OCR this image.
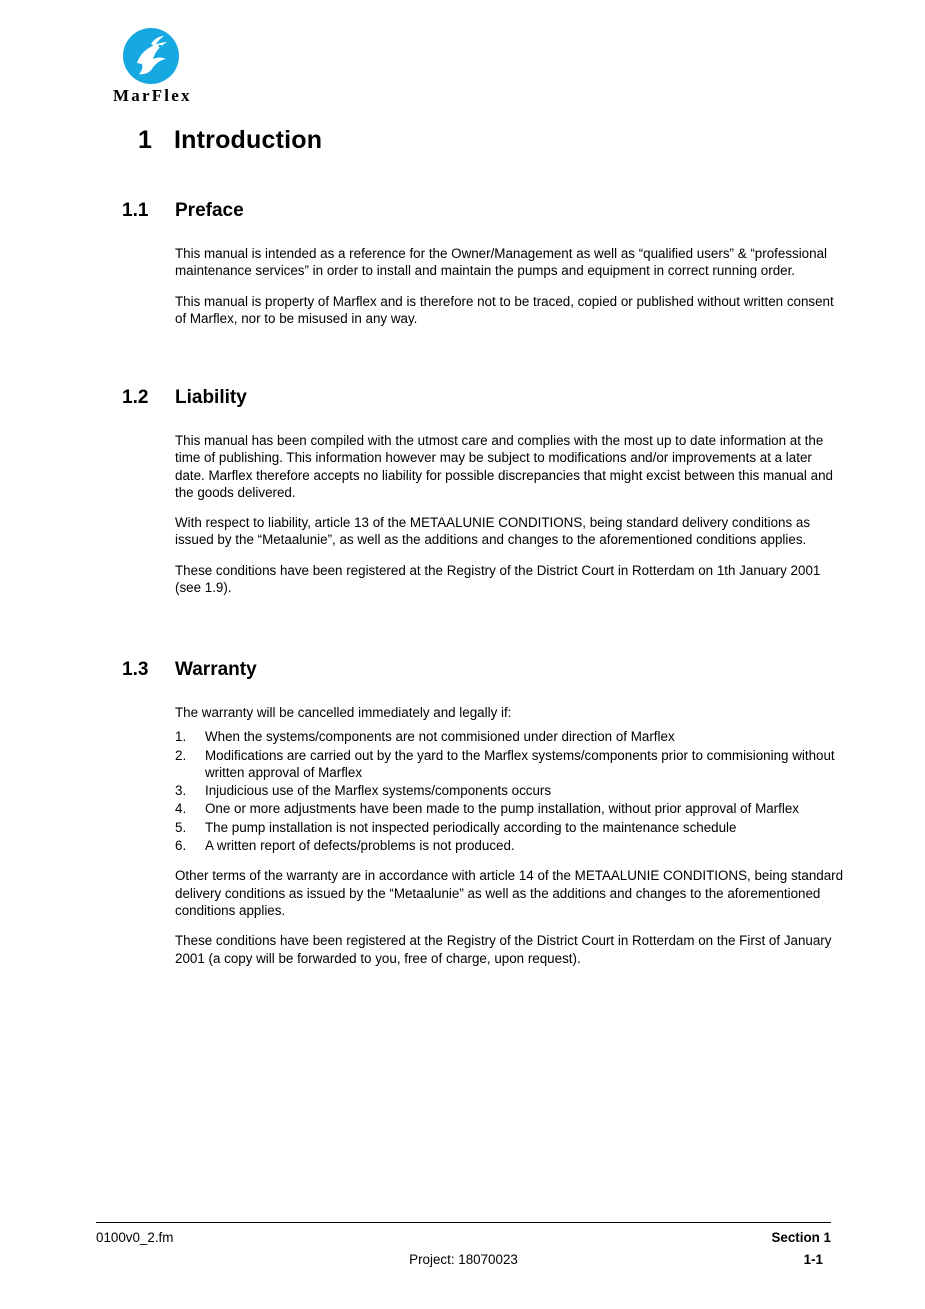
MarFlex
1 Introduction
1.1 Preface

This manual is intended as a reference for the Owner/Management as well as “qualified users” & “professional maintenance services” in order to install and maintain the pumps and equipment in correct running order.

This manual is property of Marflex and is therefore not to be traced, copied or published without written consent of Marflex, nor to be misused in any way.

1.2 Liability

This manual has been compiled with the utmost care and complies with the most up to date information at the time of publishing. This information however may be subject to modifications and/or improvements at a later date. Marflex therefore accepts no liability for possible discrepancies that might excist between this manual and the goods delivered.

With respect to liability, article 13 of the METAALUNIE CONDITIONS, being standard delivery conditions as issued by the “Metaalunie”, as well as the additions and changes to the aforementioned conditions applies.

These conditions have been registered at the Registry of the District Court in Rotterdam on 1th January 2001 (see 1.9).

1.3 Warranty

The warranty will be cancelled immediately and legally if:

1. When the systems/components are not commisioned under direction of Marflex
2. Modifications are carried out by the yard to the Marflex systems/components prior to commisioning without written approval of Marflex
3. Injudicious use of the Marflex systems/components occurs
4. One or more adjustments have been made to the pump installation, without prior approval of Marflex
5. The pump installation is not inspected periodically according to the maintenance schedule
6. A written report of defects/problems is not produced.

Other terms of the warranty are in accordance with article 14 of the METAALUNIE CONDITIONS, being standard delivery conditions as issued by the “Metaalunie” as well as the additions and changes to the aforementioned conditions applies.

These conditions have been registered at the Registry of the District Court in Rotterdam on the First of January 2001 (a copy will be forwarded to you, free of charge, upon request).

0100v0_2.fm	Section 1
Project: 18070023	1-1
